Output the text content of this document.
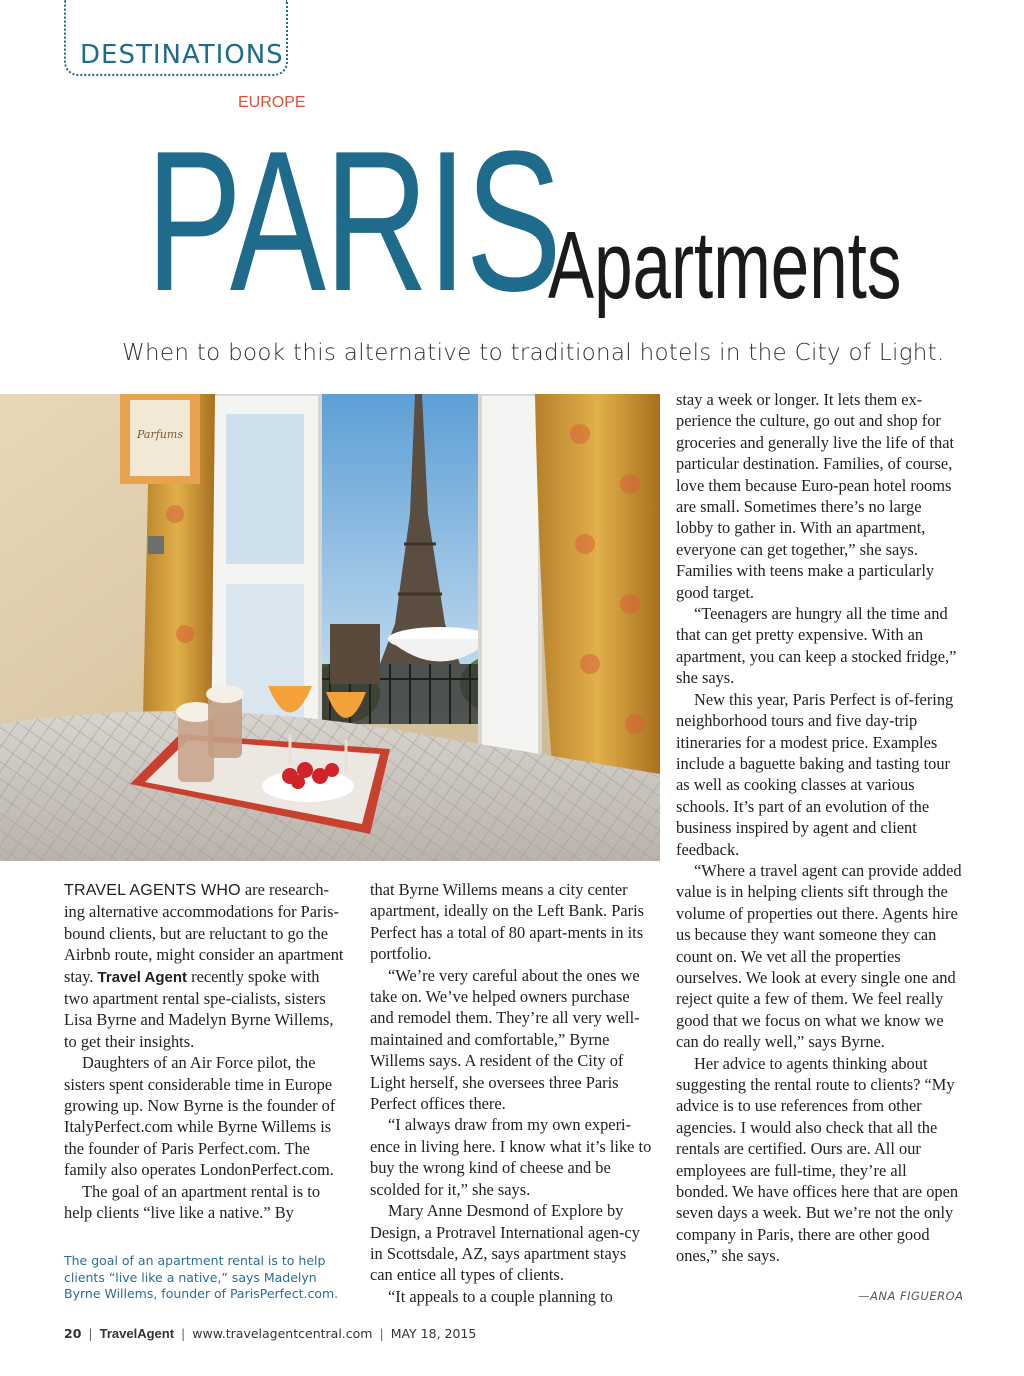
DESTINATIONS
EUROPE
PARIS
Apartments
When to book this alternative to traditional hotels in the City of Light.
Parfums

TRAVEL AGENTS WHO are research-ing alternative accommodations for Paris-bound clients, but are reluctant to go the Airbnb route, might consider an apartment stay. Travel Agent recently spoke with two apartment rental spe-cialists, sisters Lisa Byrne and Madelyn Byrne Willems, to get their insights.

Daughters of an Air Force pilot, the sisters spent considerable time in Europe growing up. Now Byrne is the founder of ItalyPerfect.com while Byrne Willems is the founder of Paris Perfect.com. The family also operates LondonPerfect.com.

The goal of an apartment rental is to help clients “live like a native.” By

The goal of an apartment rental is to help clients “live like a native,” says Madelyn Byrne Willems, founder of ParisPerfect.com.

that Byrne Willems means a city center apartment, ideally on the Left Bank. Paris Perfect has a total of 80 apart-ments in its portfolio.

“We’re very careful about the ones we take on. We’ve helped owners purchase and remodel them. They’re all very well-maintained and comfortable,” Byrne Willems says. A resident of the City of Light herself, she oversees three Paris Perfect offices there.

“I always draw from my own experi-ence in living here. I know what it’s like to buy the wrong kind of cheese and be scolded for it,” she says.

Mary Anne Desmond of Explore by Design, a Protravel International agen-cy in Scottsdale, AZ, says apartment stays can entice all types of clients.

“It appeals to a couple planning to

stay a week or longer. It lets them ex-perience the culture, go out and shop for groceries and generally live the life of that particular destination. Families, of course, love them because Euro-pean hotel rooms are small. Sometimes there’s no large lobby to gather in. With an apartment, everyone can get together,” she says. Families with teens make a particularly good target.

“Teenagers are hungry all the time and that can get pretty expensive. With an apartment, you can keep a stocked fridge,” she says.

New this year, Paris Perfect is of-fering neighborhood tours and five day-trip itineraries for a modest price. Examples include a baguette baking and tasting tour as well as cooking classes at various schools. It’s part of an evolution of the business inspired by agent and client feedback.

“Where a travel agent can provide added value is in helping clients sift through the volume of properties out there. Agents hire us because they want someone they can count on. We vet all the properties ourselves. We look at every single one and reject quite a few of them. We feel really good that we focus on what we know we can do really well,” says Byrne.

Her advice to agents thinking about suggesting the rental route to clients? “My advice is to use references from other agencies. I would also check that all the rentals are certified. Ours are. All our employees are full-time, they’re all bonded. We have offices here that are open seven days a week. But we’re not the only company in Paris, there are other good ones,” she says.

—ANA FIGUEROA
20 | TravelAgent | www.travelagentcentral.com | MAY 18, 2015
